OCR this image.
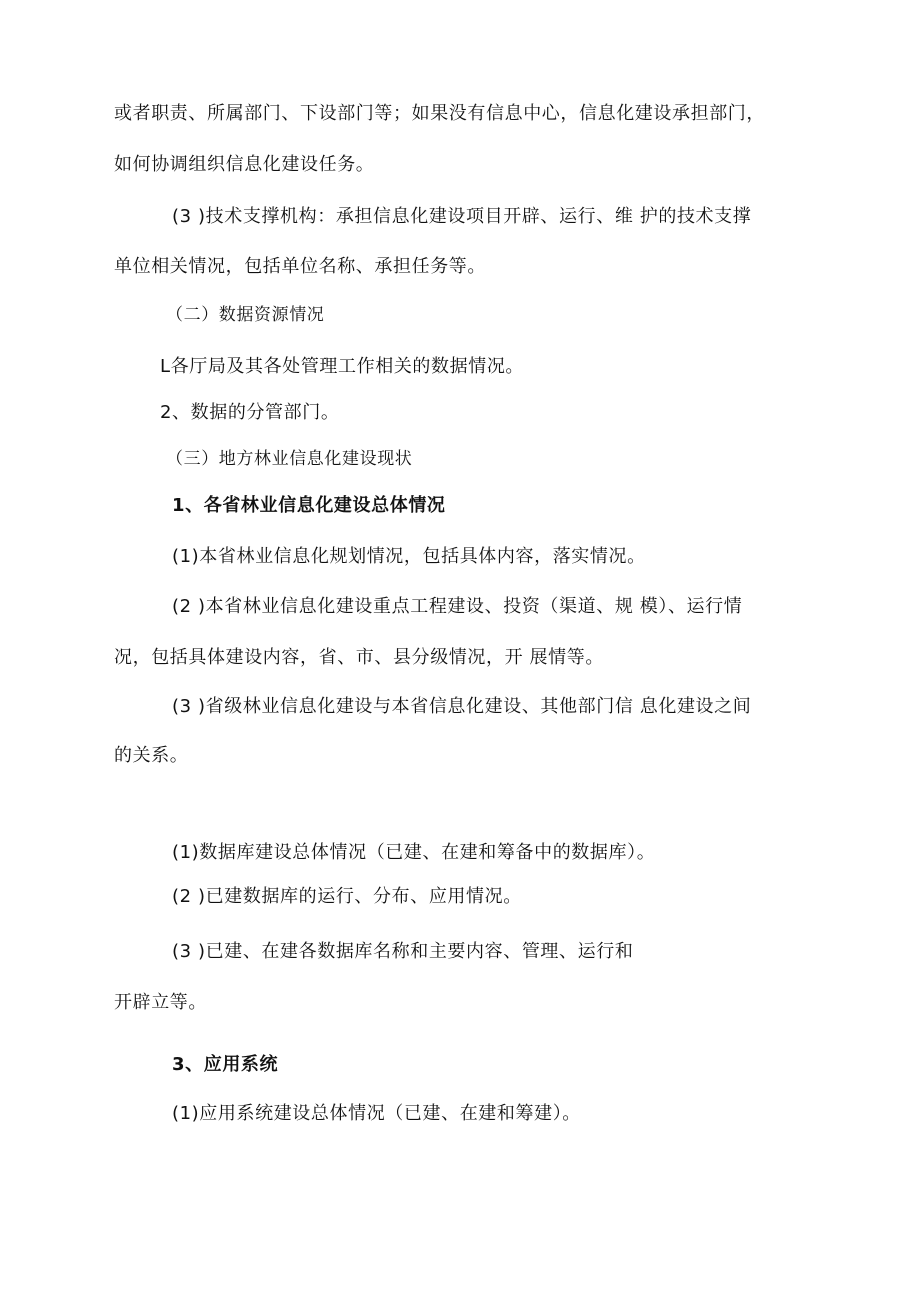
或者职责、所属部门、下设部门等；如果没有信息中心，信息化建设承担部门，
如何协调组织信息化建设任务。
(3 )技术支撑机构：承担信息化建设项目开辟、运行、维 护的技术支撑
单位相关情况，包括单位名称、承担任务等。
（二）数据资源情况
L各厅局及其各处管理工作相关的数据情况。
2、数据的分管部门。
（三）地方林业信息化建设现状
1、各省林业信息化建设总体情况
(1)本省林业信息化规划情况，包括具体内容，落实情况。
(2 )本省林业信息化建设重点工程建设、投资（渠道、规 模）、运行情
况，包括具体建设内容，省、市、县分级情况，开 展情等。
(3 )省级林业信息化建设与本省信息化建设、其他部门信 息化建设之间
的关系。
(1)数据库建设总体情况（已建、在建和筹备中的数据库）。
(2 )已建数据库的运行、分布、应用情况。
(3 )已建、在建各数据库名称和主要内容、管理、运行和
开辟立等。
3、应用系统
(1)应用系统建设总体情况（已建、在建和筹建）。
